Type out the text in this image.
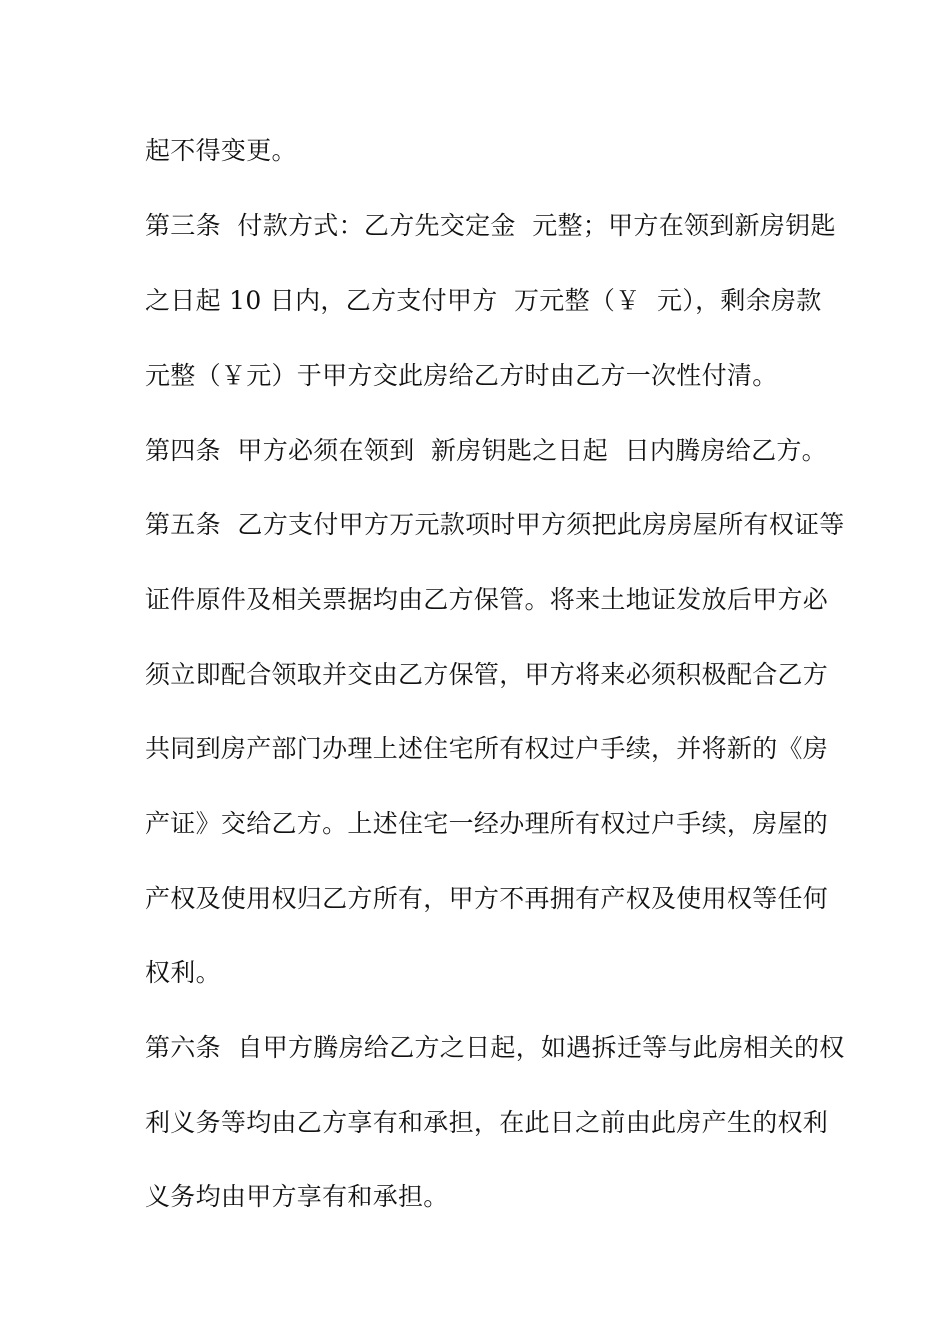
起不得变更。
第三条  付款方式：乙方先交定金  元整；甲方在领到新房钥匙
之日起 10 日内，乙方支付甲方  万元整（￥  元），剩余房款
元整（￥元）于甲方交此房给乙方时由乙方一次性付清。
第四条  甲方必须在领到  新房钥匙之日起  日内腾房给乙方。
第五条  乙方支付甲方万元款项时甲方须把此房房屋所有权证等
证件原件及相关票据均由乙方保管。将来土地证发放后甲方必
须立即配合领取并交由乙方保管，甲方将来必须积极配合乙方
共同到房产部门办理上述住宅所有权过户手续，并将新的《房
产证》交给乙方。上述住宅一经办理所有权过户手续，房屋的
产权及使用权归乙方所有，甲方不再拥有产权及使用权等任何
权利。
第六条  自甲方腾房给乙方之日起，如遇拆迁等与此房相关的权
利义务等均由乙方享有和承担，在此日之前由此房产生的权利
义务均由甲方享有和承担。
